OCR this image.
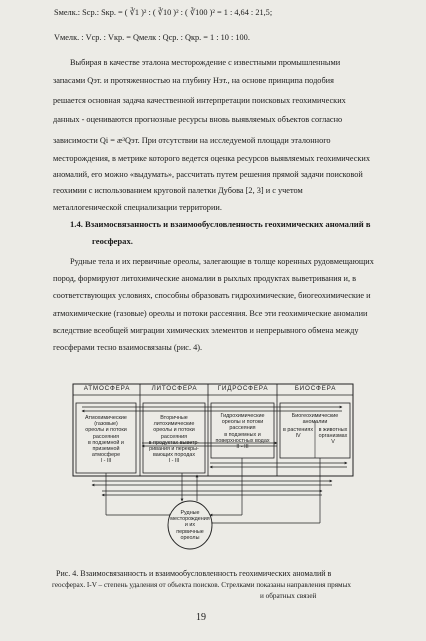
Sмелк.: Sср.: Sкр. = ( ∛1 )² : ( ∛10 )² : ( ∛100 )² = 1 : 4,64 : 21,5;
Vмелк. : Vср. : Vкр. = Qмелк : Qср. : Qкр. = 1 : 10 : 100.
Выбирая в качестве эталона месторождение с известными промышленными
запасами Qэт. и протяженностью на глубину Hэт., на основе принципа подобия
решается основная задача качественной интерпретации поисковых геохимических
данных - оцениваются прогнозные ресурсы вновь выявляемых объектов согласно
зависимости Qi = æ³Qэт. При отсутствии на исследуемой площади эталонного
месторождения, в метрике которого ведется оценка ресурсов выявляемых геохимических
аномалий, его можно «выдумать», рассчитать путем решения прямой задачи поисковой
геохимии с использованием круговой палетки Дубова [2, 3] и с учетом
металлогенической специализации территории.
1.4. Взаимосвязанность и взаимообусловленность геохимических аномалий в
геосферах.
Рудные тела и их первичные ореолы, залегающие в толще коренных рудовмещающих
пород, формируют литохимические аномалии в рыхлых продуктах выветривания и, в
соответствующих условиях, способны образовать гидрохимические, биогеохимические и
атмохимические (газовые) ореолы и потоки рассеяния. Все эти геохимические аномалии
вследствие всеобщей миграции химических элементов и непрерывного обмена между
геосферами тесно взаимосвязаны (рис. 4).
АТМОСФЕРА	ЛИТОСФЕРА	ГИДРОСФЕРА	БИОСФЕРА
Атмохимические
(газовые)
ореолы и потоки
рассеяния
в подземной и
приземной
атмосфере
I - III
Вторичные
литохимические
ореолы и потоки
рассеяния
в продуктах выветр-
ривания и перекры-
вающих породах
I - III
Гидрохимические
ореолы и потоки
рассеяния
в подземных и
поверхностных водах
II - III
Биогеохимические
аномалии
в растениях
IV
в животных
организмах
V
Рудные
месторождения
и их
первичные
ореолы
Рис. 4. Взаимосвязанность и взаимообусловленность геохимических аномалий в
геосферах. I-V – степень удаления от объекта поисков. Стрелками показаны направления прямых
и обратных связей
19
